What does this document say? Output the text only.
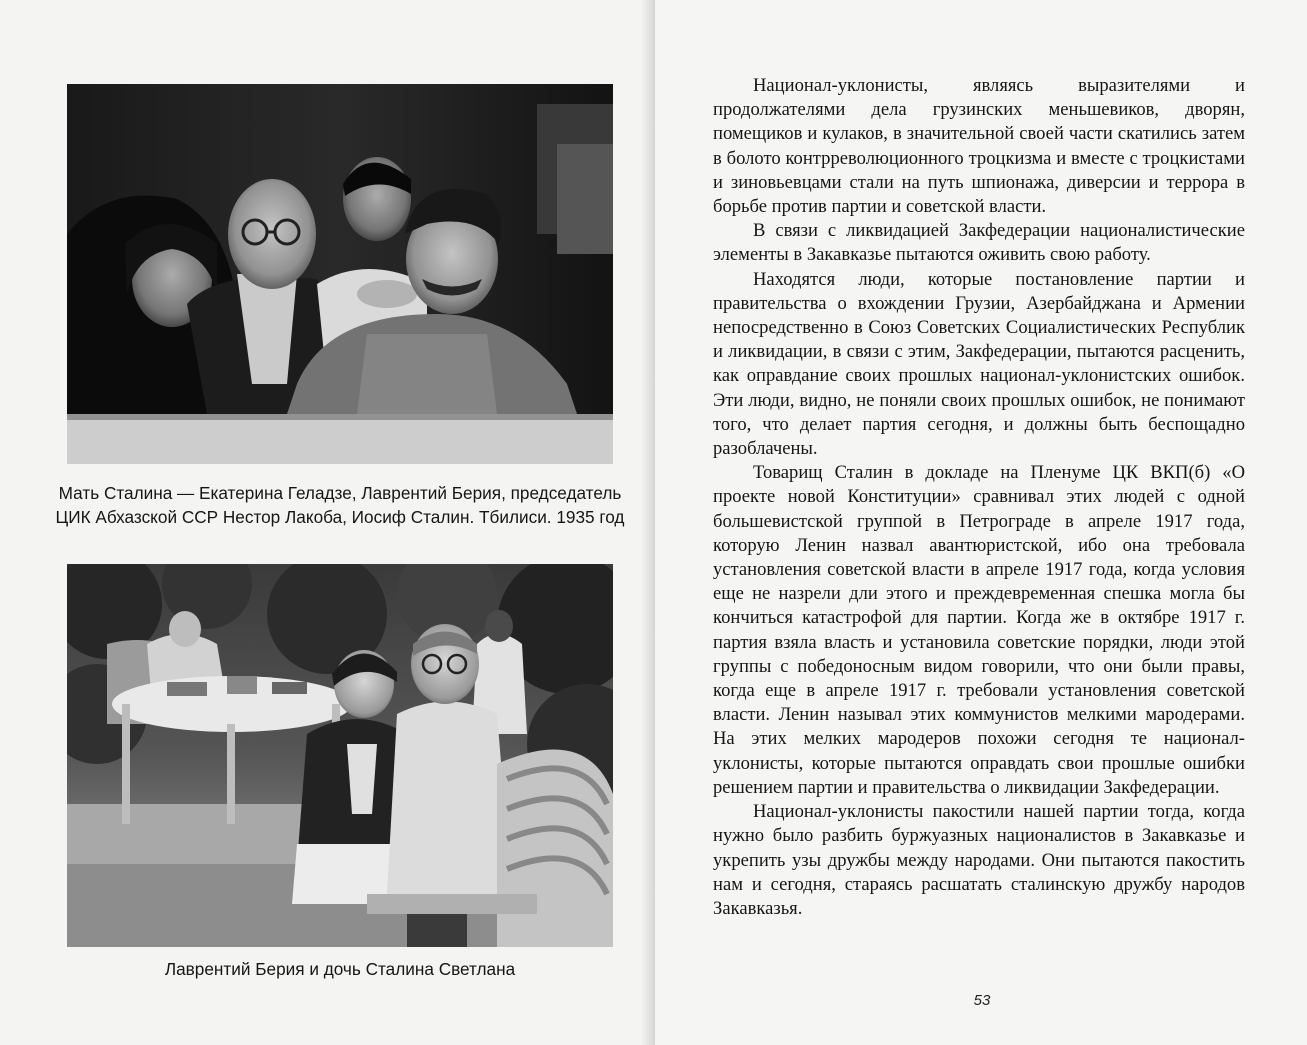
Мать Сталина — Екатерина Геладзе, Лаврентий Берия, председатель ЦИК Абхазской ССР Нестор Лакоба, Иосиф Сталин. Тбилиси. 1935 год
Лаврентий Берия и дочь Сталина Светлана

Национал-уклонисты, являясь выразителями и продолжателями дела грузинских меньшевиков, дворян, помещиков и кулаков, в значительной своей части скатились затем в болото контрреволюционного троцкизма и вместе с троцкистами и зиновьевцами стали на путь шпионажа, диверсии и террора в борьбе против партии и советской власти.

В связи с ликвидацией Закфедерации националистические элементы в Закавказье пытаются оживить свою работу.

Находятся люди, которые постановление партии и правительства о вхождении Грузии, Азербайджана и Армении непосредственно в Союз Советских Социалистических Республик и ликвидации, в связи с этим, Закфедерации, пытаются расценить, как оправдание своих прошлых национал-уклонистских ошибок. Эти люди, видно, не поняли своих прошлых ошибок, не понимают того, что делает партия сегодня, и должны быть беспощадно разоблачены.

Товарищ Сталин в докладе на Пленуме ЦК ВКП(б) «О проекте новой Конституции» сравнивал этих людей с одной большевистской группой в Петрограде в апреле 1917 года, которую Ленин назвал авантюристской, ибо она требовала установления советской власти в апреле 1917 года, когда условия еще не назрели дли этого и преждевременная спешка могла бы кончиться катастрофой для партии. Когда же в октябре 1917 г. партия взяла власть и установила советские порядки, люди этой группы с победоносным видом говорили, что они были правы, когда еще в апреле 1917 г. требовали установления советской власти. Ленин называл этих коммунистов мелкими мародерами. На этих мелких мародеров похожи сегодня те национал-уклонисты, которые пытаются оправдать свои прошлые ошибки решением партии и правительства о ликвидации Закфедерации.

Национал-уклонисты пакостили нашей партии тогда, когда нужно было разбить буржуазных националистов в Закавказье и укрепить узы дружбы между народами. Они пытаются пакостить нам и сегодня, стараясь расшатать сталинскую дружбу народов Закавказья.

53
